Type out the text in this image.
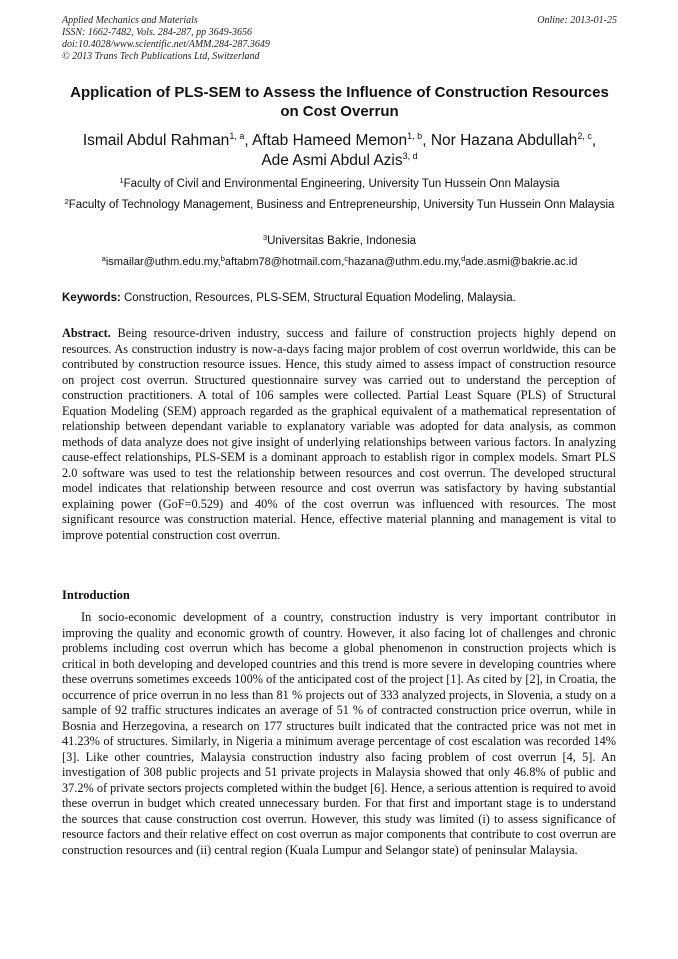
Applied Mechanics and Materials
ISSN: 1662-7482, Vols. 284-287, pp 3649-3656
doi:10.4028/www.scientific.net/AMM.284-287.3649
© 2013 Trans Tech Publications Ltd, Switzerland
Online: 2013-01-25
Application of PLS-SEM to Assess the Influence of Construction Resources on Cost Overrun
Ismail Abdul Rahman$^{1, a}$, Aftab Hameed Memon$^{1, b}$, Nor Hazana Abdullah$^{2, c}$,
Ade Asmi Abdul Azis$^{3, d}$
$^1$Faculty of Civil and Environmental Engineering, University Tun Hussein Onn Malaysia
$^2$Faculty of Technology Management, Business and Entrepreneurship, University Tun Hussein Onn Malaysia
$^3$Universitas Bakrie, Indonesia
$^a$ismailar@uthm.edu.my,$^b$aftabm78@hotmail.com,$^c$hazana@uthm.edu.my,$^d$ade.asmi@bakrie.ac.id
Keywords: Construction, Resources, PLS-SEM, Structural Equation Modeling, Malaysia.
Abstract. Being resource-driven industry, success and failure of construction projects highly depend on resources. As construction industry is now-a-days facing major problem of cost overrun worldwide, this can be contributed by construction resource issues. Hence, this study aimed to assess impact of construction resource on project cost overrun. Structured questionnaire survey was carried out to understand the perception of construction practitioners. A total of 106 samples were collected. Partial Least Square (PLS) of Structural Equation Modeling (SEM) approach regarded as the graphical equivalent of a mathematical representation of relationship between dependant variable to explanatory variable was adopted for data analysis, as common methods of data analyze does not give insight of underlying relationships between various factors. In analyzing cause-effect relationships, PLS-SEM is a dominant approach to establish rigor in complex models. Smart PLS 2.0 software was used to test the relationship between resources and cost overrun. The developed structural model indicates that relationship between resource and cost overrun was satisfactory by having substantial explaining power (GoF=0.529) and 40% of the cost overrun was influenced with resources. The most significant resource was construction material. Hence, effective material planning and management is vital to improve potential construction cost overrun.
Introduction
In socio-economic development of a country, construction industry is very important contributor in improving the quality and economic growth of country. However, it also facing lot of challenges and chronic problems including cost overrun which has become a global phenomenon in construction projects which is critical in both developing and developed countries and this trend is more severe in developing countries where these overruns sometimes exceeds 100% of the anticipated cost of the project [1]. As cited by [2], in Croatia, the occurrence of price overrun in no less than 81 % projects out of 333 analyzed projects, in Slovenia, a study on a sample of 92 traffic structures indicates an average of 51 % of contracted construction price overrun, while in Bosnia and Herzegovina, a research on 177 structures built indicated that the contracted price was not met in 41.23% of structures. Similarly, in Nigeria a minimum average percentage of cost escalation was recorded 14% [3]. Like other countries, Malaysia construction industry also facing problem of cost overrun [4, 5]. An investigation of 308 public projects and 51 private projects in Malaysia showed that only 46.8% of public and 37.2% of private sectors projects completed within the budget [6]. Hence, a serious attention is required to avoid these overrun in budget which created unnecessary burden. For that first and important stage is to understand the sources that cause construction cost overrun. However, this study was limited (i) to assess significance of resource factors and their relative effect on cost overrun as major components that contribute to cost overrun are construction resources and (ii) central region (Kuala Lumpur and Selangor state) of peninsular Malaysia.
